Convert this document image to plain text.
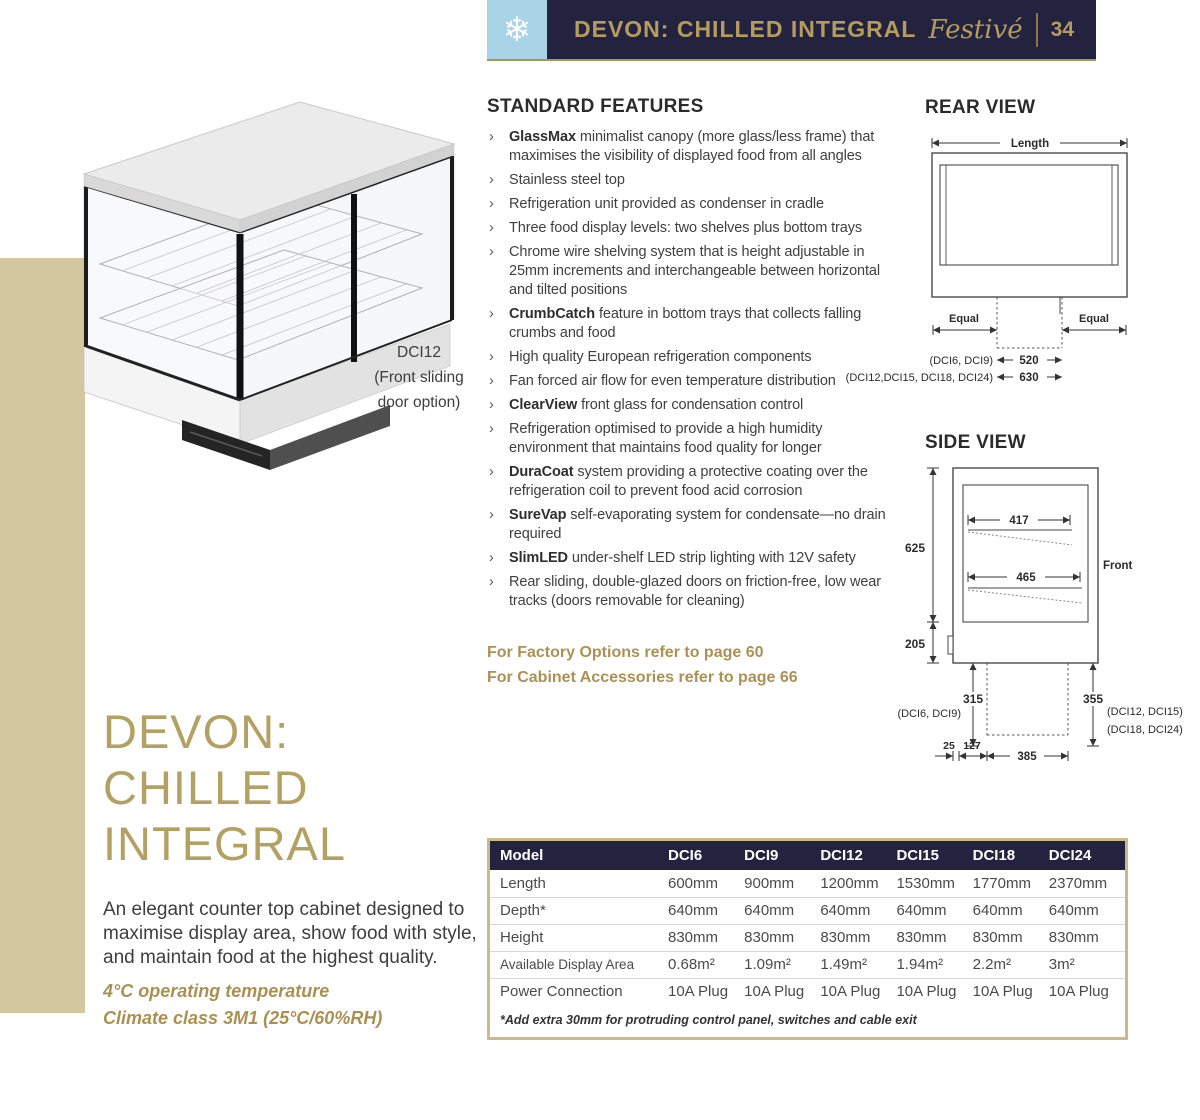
❄ DEVON: CHILLED INTEGRAL Festivé 34
DCI12
(Front sliding
door option)
DEVON:
CHILLED
INTEGRAL
An elegant counter top cabinet designed to maximise display area, show food with style, and maintain food at the highest quality.
4°C operating temperature
Climate class 3M1 (25°C/60%RH)
STANDARD FEATURES
› GlassMax minimalist canopy (more glass/less frame) that maximises the visibility of displayed food from all angles
› Stainless steel top
› Refrigeration unit provided as condenser in cradle
› Three food display levels: two shelves plus bottom trays
› Chrome wire shelving system that is height adjustable in 25mm increments and interchangeable between horizontal and tilted positions
› CrumbCatch feature in bottom trays that collects falling crumbs and food
› High quality European refrigeration components
› Fan forced air flow for even temperature distribution
› ClearView front glass for condensation control
› Refrigeration optimised to provide a high humidity environment that maintains food quality for longer
› DuraCoat system providing a protective coating over the refrigeration coil to prevent food acid corrosion
› SureVap self-evaporating system for condensate—no drain required
› SlimLED under-shelf LED strip lighting with 12V safety
› Rear sliding, double-glazed doors on friction-free, low wear tracks (doors removable for cleaning)
For Factory Options refer to page 60
For Cabinet Accessories refer to page 66
REAR VIEW
Length
Equal	Equal
(DCI6, DCI9) 520
(DCI12,DCI15, DCI18, DCI24) 630
SIDE VIEW
417
465
625
205
Front
315
(DCI6, DCI9)
355
(DCI12, DCI15)
(DCI18, DCI24)
25 127
385
Model	DCI6	DCI9	DCI12	DCI15	DCI18	DCI24
Length	600mm	900mm	1200mm	1530mm	1770mm	2370mm
Depth*	640mm	640mm	640mm	640mm	640mm	640mm
Height	830mm	830mm	830mm	830mm	830mm	830mm
Available Display Area	0.68m²	1.09m²	1.49m²	1.94m²	2.2m²	3m²
Power Connection	10A Plug	10A Plug	10A Plug	10A Plug	10A Plug	10A Plug
*Add extra 30mm for protruding control panel, switches and cable exit
